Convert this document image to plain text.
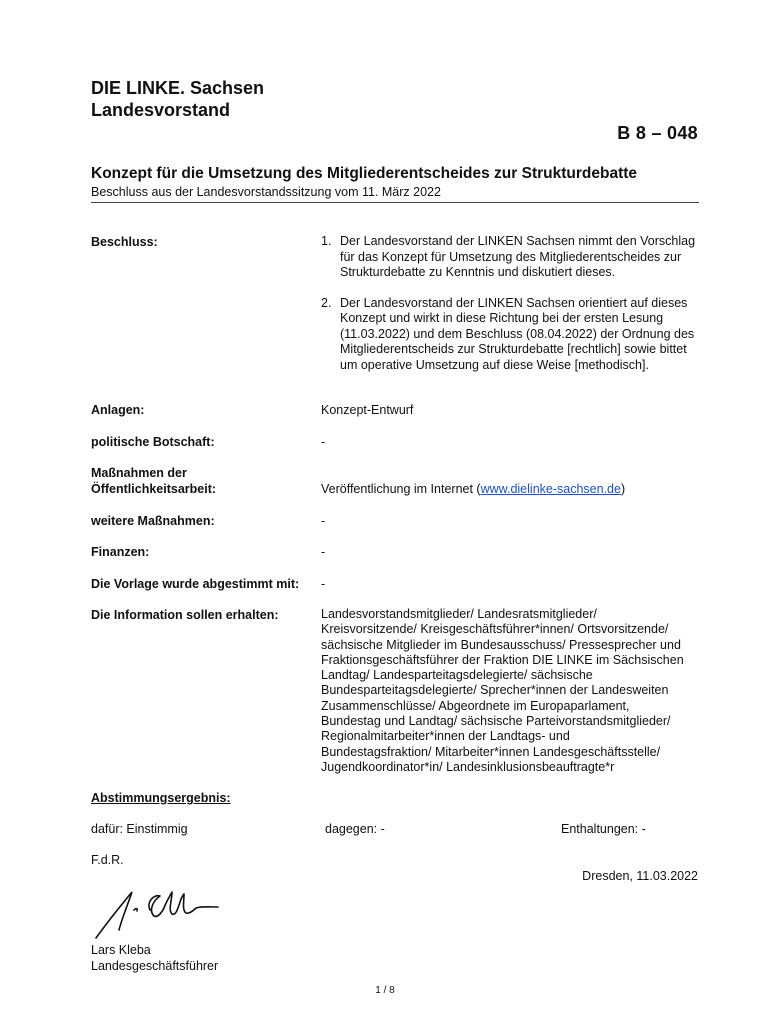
DIE LINKE. Sachsen
Landesvorstand
B 8 – 048
Konzept für die Umsetzung des Mitgliederentscheides zur Strukturdebatte
Beschluss aus der Landesvorstandssitzung vom 11. März 2022
Beschluss:	1. Der Landesvorstand der LINKEN Sachsen nimmt den Vorschlag für das Konzept für Umsetzung des Mitgliederentscheides zur Strukturdebatte zu Kenntnis und diskutiert dieses.
2. Der Landesvorstand der LINKEN Sachsen orientiert auf dieses Konzept und wirkt in diese Richtung bei der ersten Lesung (11.03.2022) und dem Beschluss (08.04.2022) der Ordnung des Mitgliederentscheids zur Strukturdebatte [rechtlich] sowie bittet um operative Umsetzung auf diese Weise [methodisch].
Anlagen:	Konzept-Entwurf
politische Botschaft:	-
Maßnahmen der
Öffentlichkeitsarbeit:	Veröffentlichung im Internet (www.dielinke-sachsen.de)
weitere Maßnahmen:	-
Finanzen:	-
Die Vorlage wurde abgestimmt mit: -
Die Information sollen erhalten:	Landesvorstandsmitglieder/ Landesratsmitglieder/
Kreisvorsitzende/ Kreisgeschäftsführer*innen/ Ortsvorsitzende/
sächsische Mitglieder im Bundesausschuss/ Pressesprecher und
Fraktionsgeschäftsführer der Fraktion DIE LINKE im Sächsischen
Landtag/ Landesparteitagsdelegierte/ sächsische
Bundesparteitagsdelegierte/ Sprecher*innen der Landesweiten
Zusammenschlüsse/ Abgeordnete im Europaparlament,
Bundestag und Landtag/ sächsische Parteivorstandsmitglieder/
Regionalmitarbeiter*innen der Landtags- und
Bundestagsfraktion/ Mitarbeiter*innen Landesgeschäftsstelle/
Jugendkoordinator*in/ Landesinklusionsbeauftragte*r
Abstimmungsergebnis:
dafür: Einstimmig	dagegen: -	Enthaltungen: -
F.d.R.
Dresden, 11.03.2022
Lars Kleba
Landesgeschäftsführer
1 / 8
